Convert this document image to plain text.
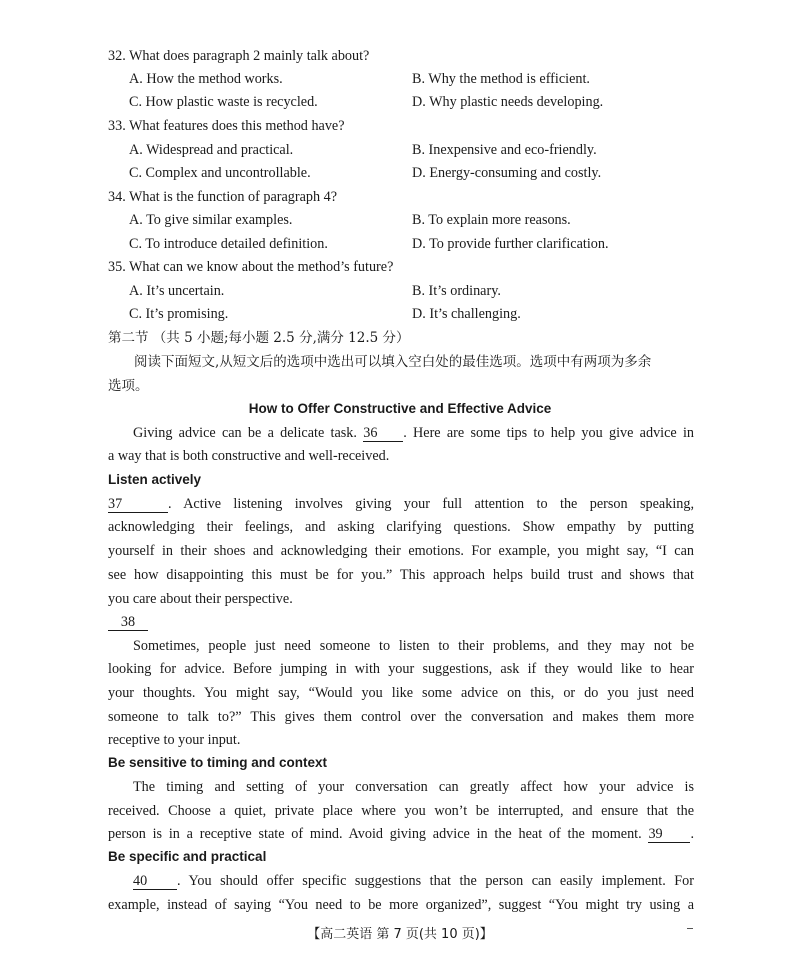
32. What does paragraph 2 mainly talk about?
A. How the method works.	B. Why the method is efficient.
C. How plastic waste is recycled.	D. Why plastic needs developing.
33. What features does this method have?
A. Widespread and practical.	B. Inexpensive and eco-friendly.
C. Complex and uncontrollable.	D. Energy-consuming and costly.
34. What is the function of paragraph 4?
A. To give similar examples.	B. To explain more reasons.
C. To introduce detailed definition.	D. To provide further clarification.
35. What can we know about the method’s future?
A. It’s uncertain.	B. It’s ordinary.
C. It’s promising.	D. It’s challenging.
第二节 （共 5 小题;每小题 2.5 分,满分 12.5 分）
阅读下面短文,从短文后的选项中选出可以填入空白处的最佳选项。选项中有两项为多余
选项。
How to Offer Constructive and Effective Advice
Giving advice can be a delicate task. 36 . Here are some tips to help you give advice in
a way that is both constructive and well-received.
Listen actively
37	. Active listening involves giving your full attention to the person speaking,
acknowledging their feelings, and asking clarifying questions. Show empathy by putting
yourself in their shoes and acknowledging their emotions. For example, you might say, “I can
see how disappointing this must be for you.” This approach helps build trust and shows that
you care about their perspective.
38
Sometimes, people just need someone to listen to their problems, and they may not be
looking for advice. Before jumping in with your suggestions, ask if they would like to hear
your thoughts. You might say, “Would you like some advice on this, or do you just need
someone to talk to?” This gives them control over the conversation and makes them more
receptive to your input.
Be sensitive to timing and context
The timing and setting of your conversation can greatly affect how your advice is
received. Choose a quiet, private place where you won’t be interrupted, and ensure that the
person is in a receptive state of mind. Avoid giving advice in the heat of the moment. 39 .
Be specific and practical
40 . You should offer specific suggestions that the person can easily implement. For
example, instead of saying “You need to be more organized”, suggest “You might try using a
【高二英语 第 7 页(共 10 页)】
